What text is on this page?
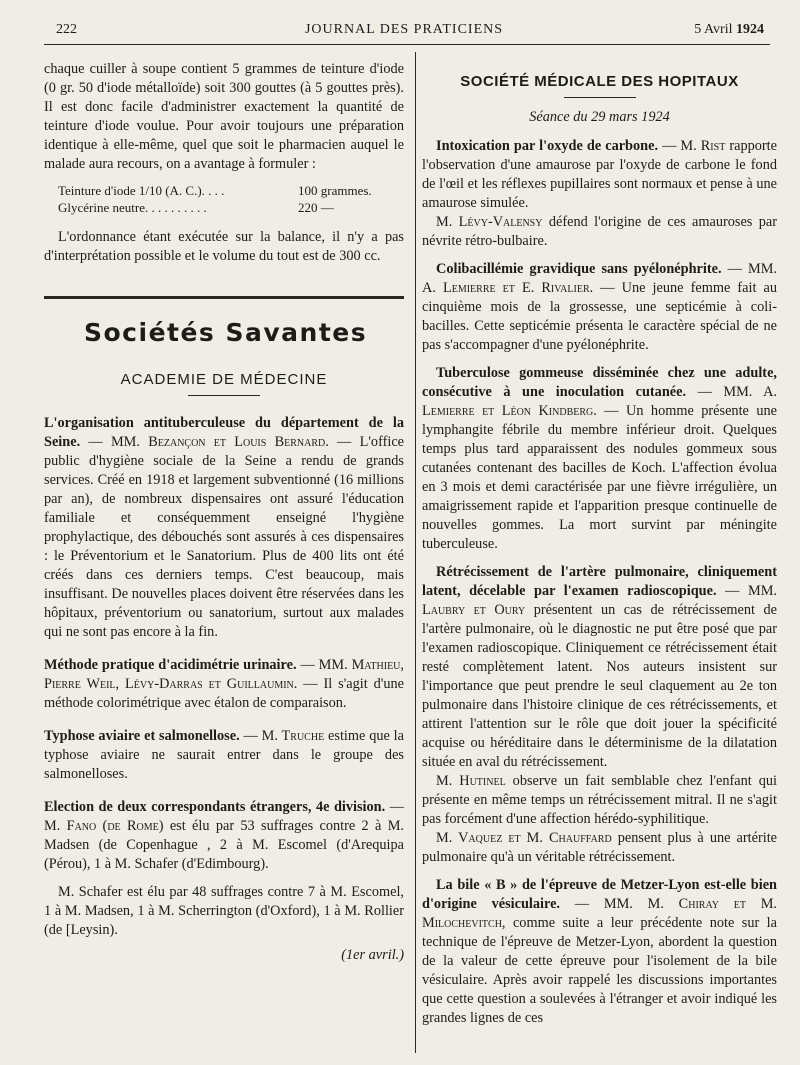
222	JOURNAL DES PRATICIENS	5 Avril 1924

chaque cuiller à soupe contient 5 grammes de teinture d'iode (0 gr. 50 d'iode métalloïde) soit 300 gouttes (à 5 gouttes près). Il est donc facile d'administrer exactement la quantité de teinture d'iode voulue. Pour avoir toujours une préparation identique à elle-même, quel que soit le pharmacien auquel le malade aura recours, on a avantage à formuler :

Teinture d'iode 1/10 (A. C.). . . .	100 grammes.
Glycérine neutre. . . . . . . . . .	220 —

L'ordonnance étant exécutée sur la balance, il n'y a pas d'interprétation possible et le volume du tout est de 300 cc.

Sociétés Savantes
ACADEMIE DE MÉDECINE

L'organisation antituberculeuse du département de la Seine. — MM. Bezançon et Louis Bernard. — L'office public d'hygiène sociale de la Seine a rendu de grands services. Créé en 1918 et largement subventionné (16 millions par an), de nombreux dispensaires ont assuré l'éducation familiale et conséquemment enseigné l'hygiène prophylactique, des débouchés sont assurés à ces dispensaires : le Préventorium et le Sanatorium. Plus de 400 lits ont été créés dans ces derniers temps. C'est beaucoup, mais insuffisant. De nouvelles places doivent être réservées dans les hôpitaux, préventorium ou sanatorium, surtout aux malades qui ne sont pas encore à la fin.

Méthode pratique d'acidimétrie urinaire. — MM. Mathieu, Pierre Weil, Lévy-Darras et Guillaumin. — Il s'agit d'une méthode colorimétrique avec étalon de comparaison.

Typhose aviaire et salmonellose. — M. Truche estime que la typhose aviaire ne saurait entrer dans le groupe des salmonelloses.

Election de deux correspondants étrangers, 4e division. — M. Fano (de Rome) est élu par 53 suffrages contre 2 à M. Madsen (de Copenhague , 2 à M. Escomel (d'Arequipa (Pérou), 1 à M. Schafer (d'Edimbourg).

M. Schafer est élu par 48 suffrages contre 7 à M. Escomel, 1 à M. Madsen, 1 à M. Scherrington (d'Oxford), 1 à M. Rollier (de [Leysin).

(1er avril.)
SOCIÉTÉ MÉDICALE DES HOPITAUX
Séance du 29 mars 1924

Intoxication par l'oxyde de carbone. — M. Rist rapporte l'observation d'une amaurose par l'oxyde de carbone le fond de l'œil et les réflexes pupillaires sont normaux et pense à une amaurose simulée.

M. Lévy-Valensy défend l'origine de ces amauroses par névrite rétro-bulbaire.

Colibacillémie gravidique sans pyélonéphrite. — MM. A. Lemierre et E. Rivalier. — Une jeune femme fait au cinquième mois de la grossesse, une septicémie à coli-bacilles. Cette septicémie présenta le caractère spécial de ne pas s'accompagner d'une pyélonéphrite.

Tuberculose gommeuse disséminée chez une adulte, consécutive à une inoculation cutanée. — MM. A. Lemierre et Léon Kindberg. — Un homme présente une lymphangite fébrile du membre inférieur droit. Quelques temps plus tard apparaissent des nodules gommeux sous cutanées contenant des bacilles de Koch. L'affection évolua en 3 mois et demi caractérisée par une fièvre irrégulière, un amaigrissement rapide et l'apparition presque continuelle de nouvelles gommes. La mort survint par méningite tuberculeuse.

Rétrécissement de l'artère pulmonaire, cliniquement latent, décelable par l'examen radioscopique. — MM. Laubry et Oury présentent un cas de rétrécissement de l'artère pulmonaire, où le diagnostic ne put être posé que par l'examen radioscopique. Cliniquement ce rétrécissement était resté complètement latent. Nos auteurs insistent sur l'importance que peut prendre le seul claquement au 2e ton pulmonaire dans l'histoire clinique de ces rétrécissements, et attirent l'attention sur le rôle que doit jouer la spécificité acquise ou héréditaire dans le déterminisme de la dilatation située en aval du rétrécissement.

M. Hutinel observe un fait semblable chez l'enfant qui présente en même temps un rétrécissement mitral. Il ne s'agit pas forcément d'une affection hérédo-syphilitique.

M. Vaquez et M. Chauffard pensent plus à une artérite pulmonaire qu'à un véritable rétrécissement.

La bile « B » de l'épreuve de Metzer-Lyon est-elle bien d'origine vésiculaire. — MM. M. Chiray et M. Milochevitch, comme suite a leur précédente note sur la technique de l'épreuve de Metzer-Lyon, abordent la question de la valeur de cette épreuve pour l'isolement de la bile vésiculaire. Après avoir rappelé les discussions importantes que cette question a soulevées à l'étranger et avoir indiqué les grandes lignes de ces
